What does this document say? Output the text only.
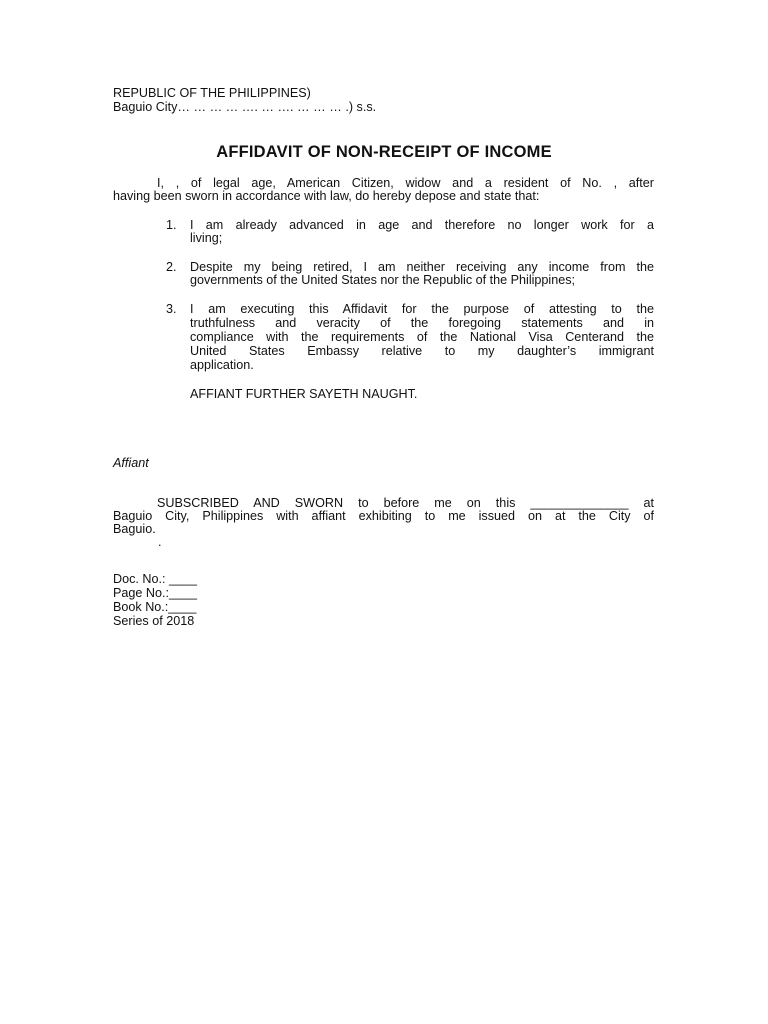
REPUBLIC OF THE PHILIPPINES)
Baguio City… … … … …. … …. … … … .) s.s.
AFFIDAVIT OF NON-RECEIPT OF INCOME
I, , of legal age, American Citizen, widow and a resident of No. , after
having been sworn in accordance with law, do hereby depose and state that:
1. I am already advanced in age and therefore no longer work for a
living;
2. Despite my being retired, I am neither receiving any income from the
governments of the United States nor the Republic of the Philippines;
3. I am executing this Affidavit for the purpose of attesting to the
truthfulness and veracity of the foregoing statements and in
compliance with the requirements of the National Visa Centerand the
United States Embassy relative to my daughter’s immigrant
application.
AFFIANT FURTHER SAYETH NAUGHT.
Affiant
SUBSCRIBED AND SWORN to before me on this ______________ at
Baguio City, Philippines with affiant exhibiting to me issued on at the City of
Baguio.
.
Doc. No.: ____
Page No.:____
Book No.:____
Series of 2018
